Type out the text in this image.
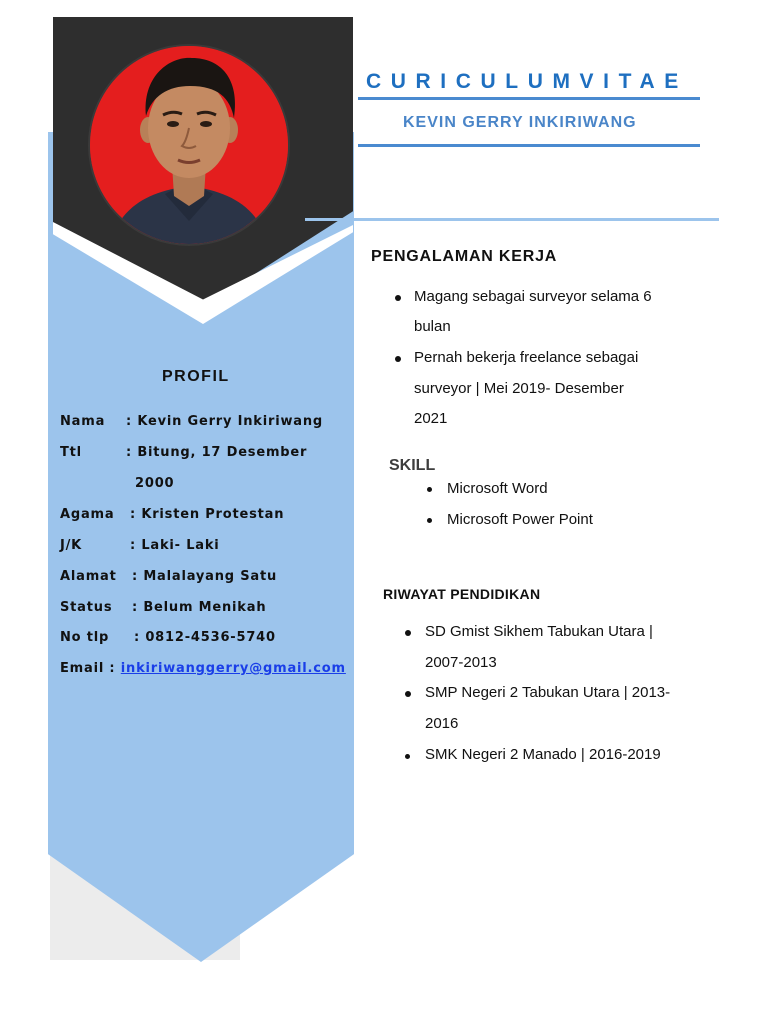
PROFIL
Nama : Kevin Gerry Inkiriwang
Ttl	: Bitung, 17 Desember
2000
Agama : Kristen Protestan
J/K	: Laki- Laki
Alamat : Malalayang Satu
Status : Belum Menikah
No tlp : 0812-4536-5740
Email : inkiriwanggerry@gmail.com
CURICULUMVITAE
KEVIN GERRY INKIRIWANG
PENGALAMAN KERJA
Magang sebagai surveyor selama 6
bulan
Pernah bekerja freelance sebagai
surveyor | Mei 2019- Desember
2021
SKILL
Microsoft Word
Microsoft Power Point
RIWAYAT PENDIDIKAN
SD Gmist Sikhem Tabukan Utara |
2007-2013
SMP Negeri 2 Tabukan Utara | 2013-
2016
SMK Negeri 2 Manado | 2016-2019
